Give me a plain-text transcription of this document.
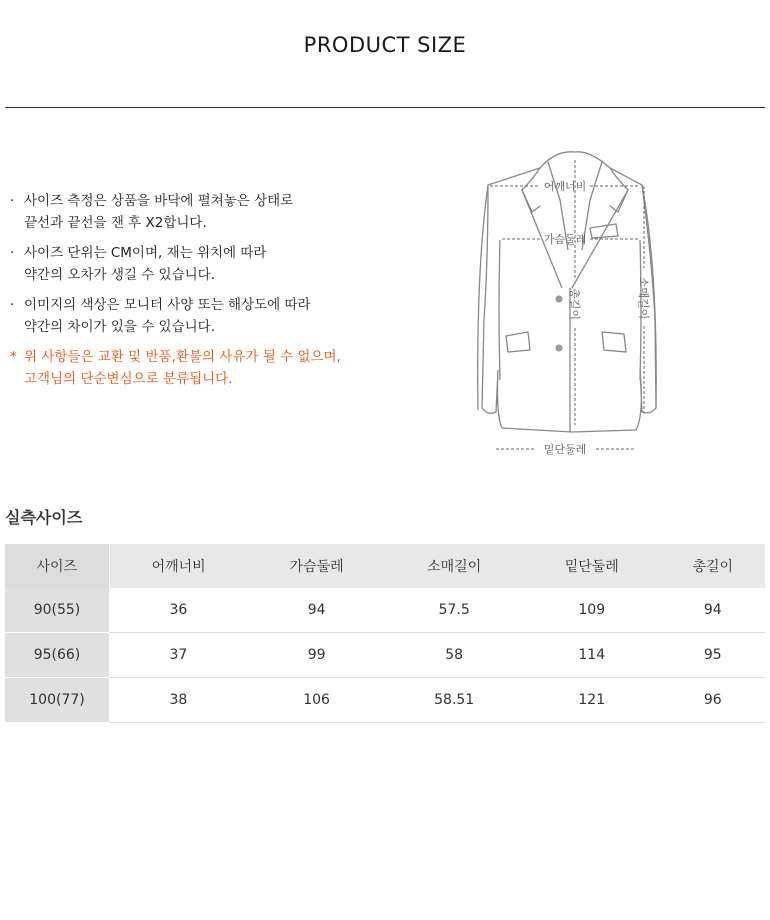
PRODUCT SIZE
· 사이즈 측정은 상품을 바닥에 펼쳐놓은 상태로
끝선과 끝선을 잰 후 X2합니다.
· 사이즈 단위는 CM이며, 재는 위치에 따라
약간의 오차가 생길 수 있습니다.
· 이미지의 색상은 모니터 사양 또는 해상도에 따라
약간의 차이가 있을 수 있습니다.
* 위 사항들은 교환 및 반품,환불의 사유가 될 수 없으며,
고객님의 단순변심으로 분류됩니다.
어깨너비
가슴둘레
총길이	소매길이
밑단둘레
실측사이즈
사이즈	어깨너비	가슴둘레	소매길이	밑단둘레	총길이
90(55)	36	94	57.5	109	94
95(66)	37	99	58	114	95
100(77)	38	106	58.51	121	96
